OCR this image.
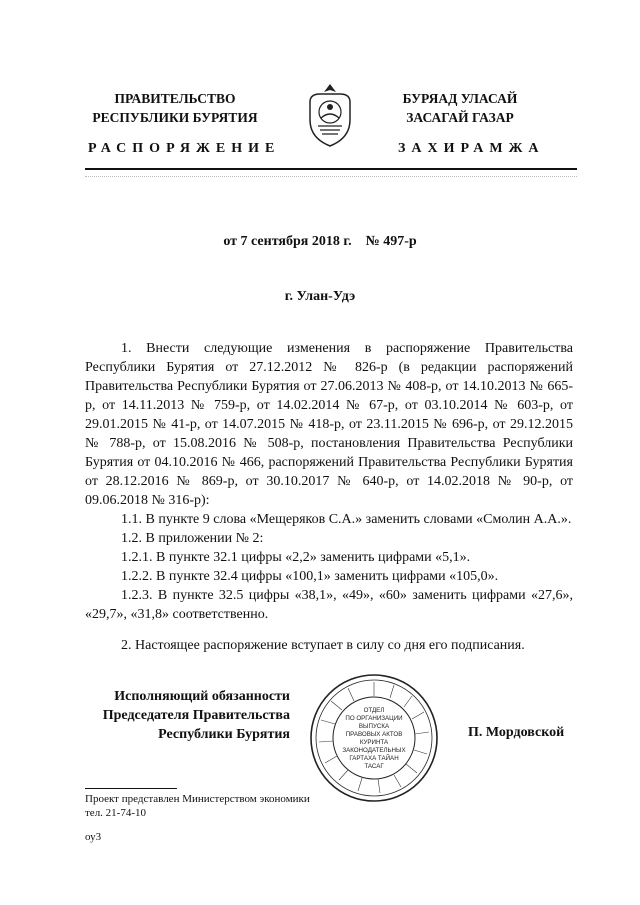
ПРАВИТЕЛЬСТВО
РЕСПУБЛИКИ БУРЯТИЯ
БУРЯАД УЛАСАЙ
ЗАСАГАЙ ГАЗАР
РАСПОРЯЖЕНИЕ	ЗАХИРАМЖА
от 7 сентября 2018 г.    № 497-р
г. Улан-Удэ

1. Внести следующие изменения в распоряжение Правительства Республики Бурятия от 27.12.2012 № 826-р (в редакции распоряжений Правительства Республики Бурятия от 27.06.2013 № 408-р, от 14.10.2013 № 665-р, от 14.11.2013 № 759-р, от 14.02.2014 № 67-р, от 03.10.2014 № 603-р, от 29.01.2015 № 41-р, от 14.07.2015 № 418-р, от 23.11.2015 № 696-р, от 29.12.2015 № 788-р, от 15.08.2016 № 508-р, постановления Правительства Республики Бурятия от 04.10.2016 № 466, распоряжений Правительства Республики Бурятия от 28.12.2016 № 869-р, от 30.10.2017 № 640-р, от 14.02.2018 № 90-р, от 09.06.2018 № 316-р):

1.1. В пункте 9 слова «Мещеряков С.А.» заменить словами «Смолин А.А.».

1.2. В приложении № 2:

1.2.1. В пункте 32.1 цифры «2,2» заменить цифрами «5,1».

1.2.2. В пункте 32.4 цифры «100,1» заменить цифрами «105,0».

1.2.3. В пункте 32.5 цифры «38,1», «49», «60» заменить цифрами «27,6», «29,7», «31,8» соответственно.

2. Настоящее распоряжение вступает в силу со дня его подписания.

Исполняющий обязанности
Председателя Правительства
Республики Бурятия
ОТДЕЛ
ПО ОРГАНИЗАЦИИ
ВЫПУСКА
ПРАВОВЫХ АКТОВ
КУРИНТА
ЗАКОНОДАТЕЛЬНЫХ
ГАРТАХА ТАЙАН
ТАСАГ
П. Мордовской
Проект представлен Министерством экономики
тел. 21-74-10
оу3
